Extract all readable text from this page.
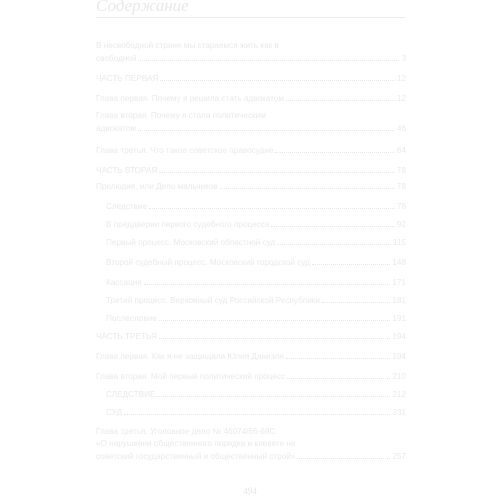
Содержание
В несвободной стране мы стараемся жить как в
свободной	3
ЧАСТЬ ПЕРВАЯ	12
Глава первая. Почему я решила стать адвокатом	12
Глава вторая. Почему я стала политическим
адвокатом	46
Глава третья. Что такое советское правосудие	64
ЧАСТЬ ВТОРАЯ	78
Прелюдия, или Дело мальчиков	78
Следствие	78
В преддверии первого судебного процесса	92
Первый процесс. Московский областной суд	115
Второй судебный процесс. Московский городской суд	148
Кассация	171
Третий процесс. Верховный суд Российской Республики	181
Послесловие	191
ЧАСТЬ ТРЕТЬЯ	194
Глава первая. Как я не защищала Юлия Даниэля	194
Глава вторая. Мой первый политический процесс	210
СЛЕДСТВИЕ	212
СУД	231
Глава третья. Уголовное дело № 46074/66-68С
«О нарушении общественного порядка и клевете на
советский государственный и общественный строй»	257
494
